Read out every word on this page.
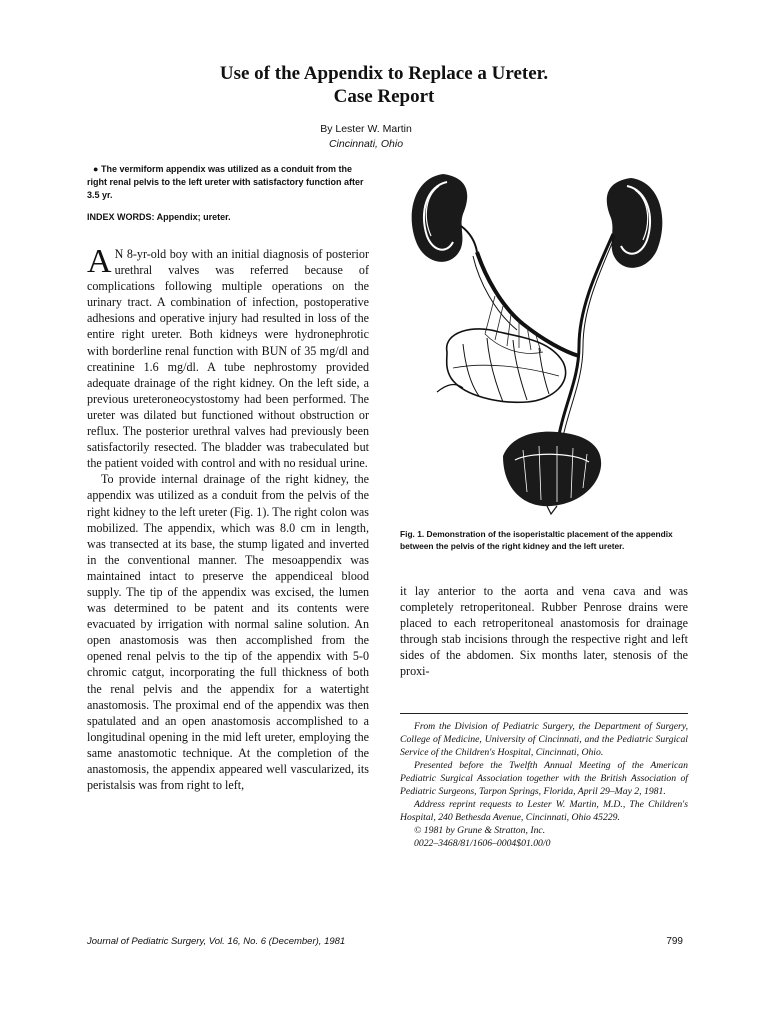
Use of the Appendix to Replace a Ureter.
Case Report
By Lester W. Martin
Cincinnati, Ohio
● The vermiform appendix was utilized as a conduit from the right renal pelvis to the left ureter with satisfactory function after 3.5 yr.
INDEX WORDS: Appendix; ureter.

A N 8-yr-old boy with an initial diagnosis of posterior urethral valves was referred because of complications following multiple operations on the urinary tract. A combination of infection, postoperative adhesions and operative injury had resulted in loss of the entire right ureter. Both kidneys were hydronephrotic with borderline renal function with BUN of 35 mg/dl and creatinine 1.6 mg/dl. A tube nephrostomy provided adequate drainage of the right kidney. On the left side, a previous ureteroneocystostomy had been performed. The ureter was dilated but functioned without obstruction or reflux. The posterior urethral valves had previously been satisfactorily resected. The bladder was trabeculated but the patient voided with control and with no residual urine.

To provide internal drainage of the right kidney, the appendix was utilized as a conduit from the pelvis of the right kidney to the left ureter (Fig. 1). The right colon was mobilized. The appendix, which was 8.0 cm in length, was transected at its base, the stump ligated and inverted in the conventional manner. The mesoappendix was maintained intact to preserve the appendiceal blood supply. The tip of the appendix was excised, the lumen was determined to be patent and its contents were evacuated by irrigation with normal saline solution. An open anastomosis was then accomplished from the opened renal pelvis to the tip of the appendix with 5-0 chromic catgut, incorporating the full thickness of both the renal pelvis and the appendix for a watertight anastomosis. The proximal end of the appendix was then spatulated and an open anastomosis accomplished to a longitudinal opening in the mid left ureter, employing the same anastomotic technique. At the completion of the anastomosis, the appendix appeared well vascularized, its peristalsis was from right to left,

Fig. 1. Demonstration of the isoperistaltic placement of the appendix between the pelvis of the right kidney and the left ureter.

it lay anterior to the aorta and vena cava and was completely retroperitoneal. Rubber Penrose drains were placed to each retroperitoneal anastomosis for drainage through stab incisions through the respective right and left sides of the abdomen. Six months later, stenosis of the proxi-

From the Division of Pediatric Surgery, the Department of Surgery, College of Medicine, University of Cincinnati, and the Pediatric Surgical Service of the Children's Hospital, Cincinnati, Ohio.
Presented before the Twelfth Annual Meeting of the American Pediatric Surgical Association together with the British Association of Pediatric Surgeons, Tarpon Springs, Florida, April 29–May 2, 1981.
Address reprint requests to Lester W. Martin, M.D., The Children's Hospital, 240 Bethesda Avenue, Cincinnati, Ohio 45229.
© 1981 by Grune & Stratton, Inc.
0022–3468/81/1606–0004$01.00/0
Journal of Pediatric Surgery, Vol. 16, No. 6 (December), 1981	799
